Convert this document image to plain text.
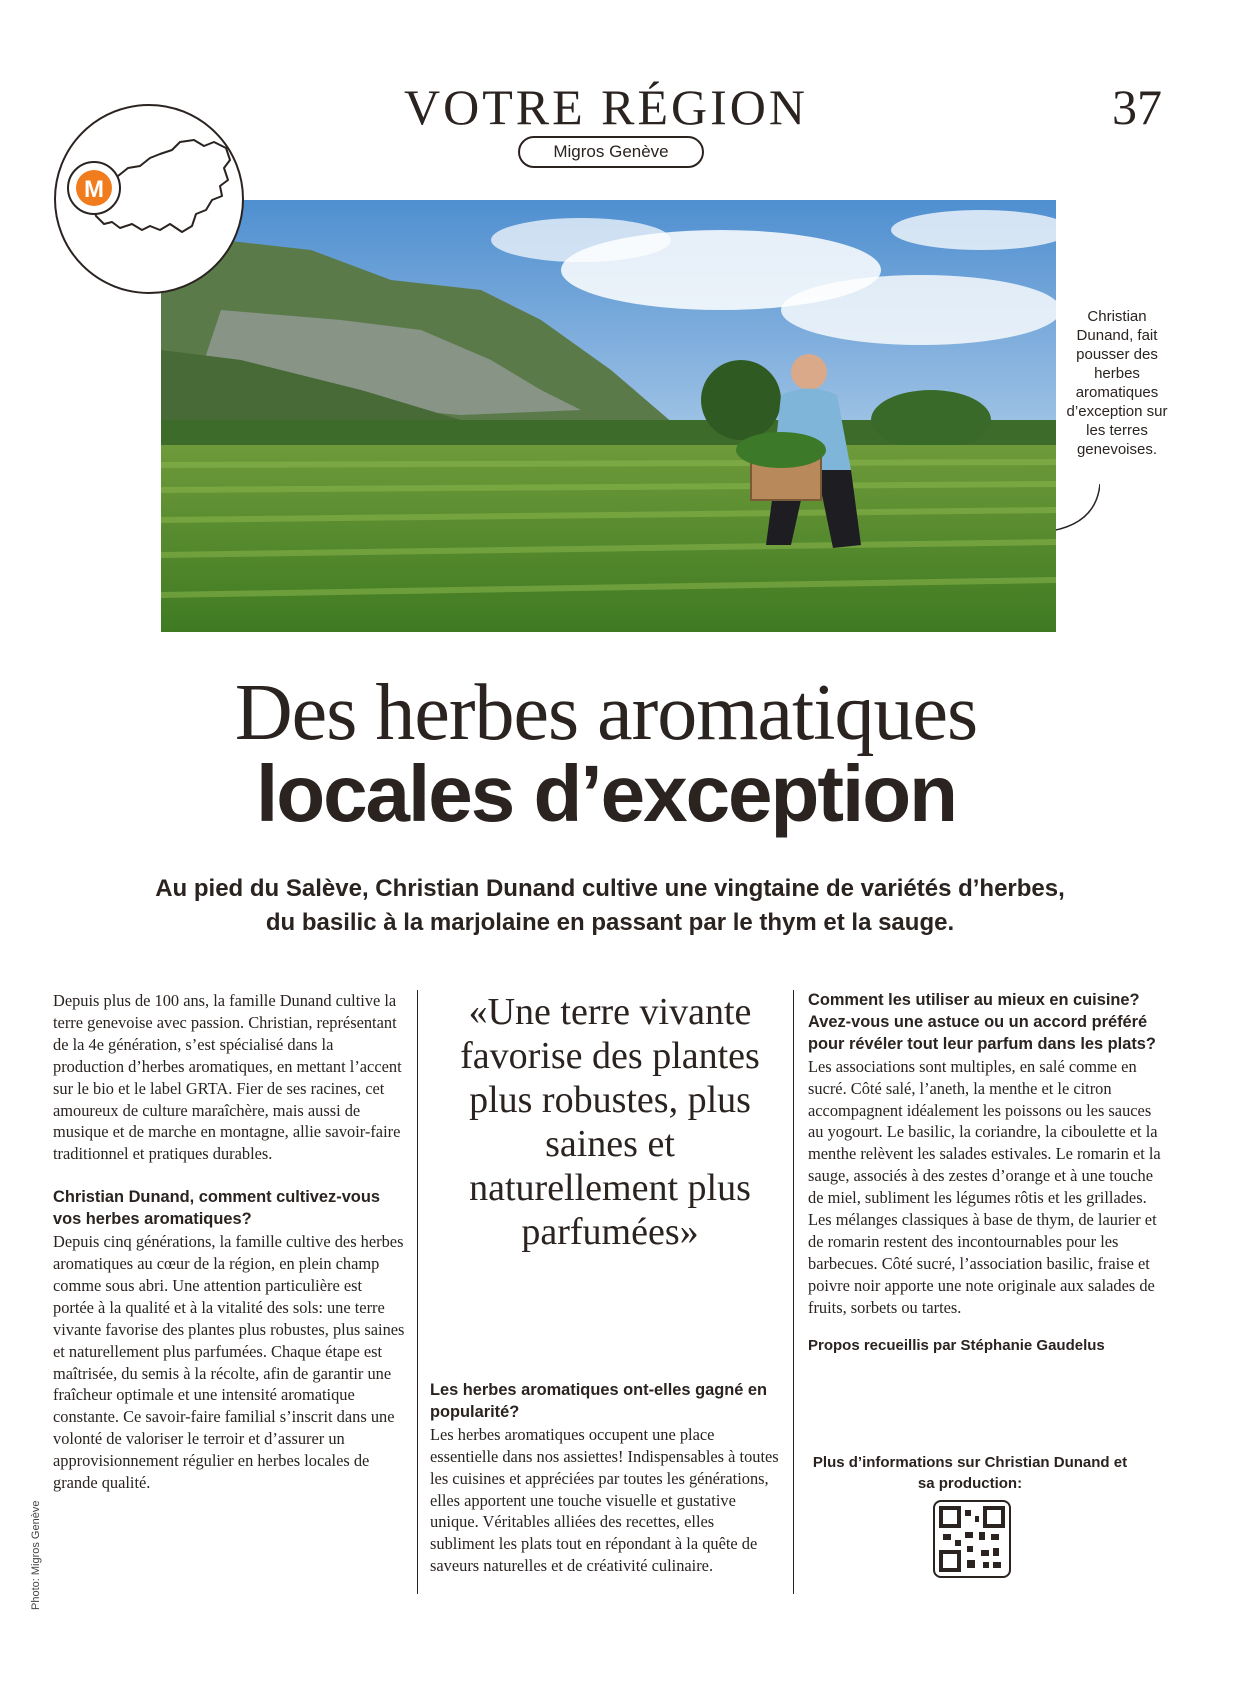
VOTRE RÉGION	37
Migros Genève
M
Christian Dunand, fait pousser des herbes aromatiques d’exception sur les terres genevoises.
Des herbes aromatiques
locales d’exception
Au pied du Salève, Christian Dunand cultive une vingtaine de variétés d’herbes, du basilic à la marjolaine en passant par le thym et la sauge.

Depuis plus de 100 ans, la famille Dunand cultive la terre genevoise avec passion. Christian, représentant de la 4e génération, s’est spécialisé dans la production d’herbes aromatiques, en mettant l’accent sur le bio et le label GRTA. Fier de ses racines, cet amoureux de culture maraîchère, mais aussi de musique et de marche en montagne, allie savoir-faire traditionnel et pratiques durables.

Christian Dunand, comment cultivez-vous vos herbes aromatiques?

Depuis cinq générations, la famille cultive des herbes aromatiques au cœur de la région, en plein champ comme sous abri. Une attention particulière est portée à la qualité et à la vitalité des sols: une terre vivante favorise des plantes plus robustes, plus saines et naturellement plus parfumées. Chaque étape est maîtrisée, du semis à la récolte, afin de garantir une fraîcheur optimale et une intensité aromatique constante. Ce savoir-faire familial s’inscrit dans une volonté de valoriser le terroir et d’assurer un approvisionnement régulier en herbes locales de grande qualité.

«Une terre vivante favorise des plantes plus robustes, plus saines et naturellement plus parfumées»

Les herbes aromatiques ont-elles gagné en popularité?

Les herbes aromatiques occupent une place essentielle dans nos assiettes! Indispensables à toutes les cuisines et appréciées par toutes les générations, elles apportent une touche visuelle et gustative unique. Véritables alliées des recettes, elles subliment les plats tout en répondant à la quête de saveurs naturelles et de créativité culinaire.

Comment les utiliser au mieux en cuisine? Avez-vous une astuce ou un accord préféré pour révéler tout leur parfum dans les plats?

Les associations sont multiples, en salé comme en sucré. Côté salé, l’aneth, la menthe et le citron accompagnent idéalement les poissons ou les sauces au yogourt. Le basilic, la coriandre, la ciboulette et la menthe relèvent les salades estivales. Le romarin et la sauge, associés à des zestes d’orange et à une touche de miel, subliment les légumes rôtis et les grillades. Les mélanges classiques à base de thym, de laurier et de romarin restent des incontournables pour les barbecues. Côté sucré, l’association basilic, fraise et poivre noir apporte une note originale aux salades de fruits, sorbets ou tartes.

Propos recueillis par Stéphanie Gaudelus

Plus d’informations sur Christian Dunand et sa production:
Photo: Migros Genève
